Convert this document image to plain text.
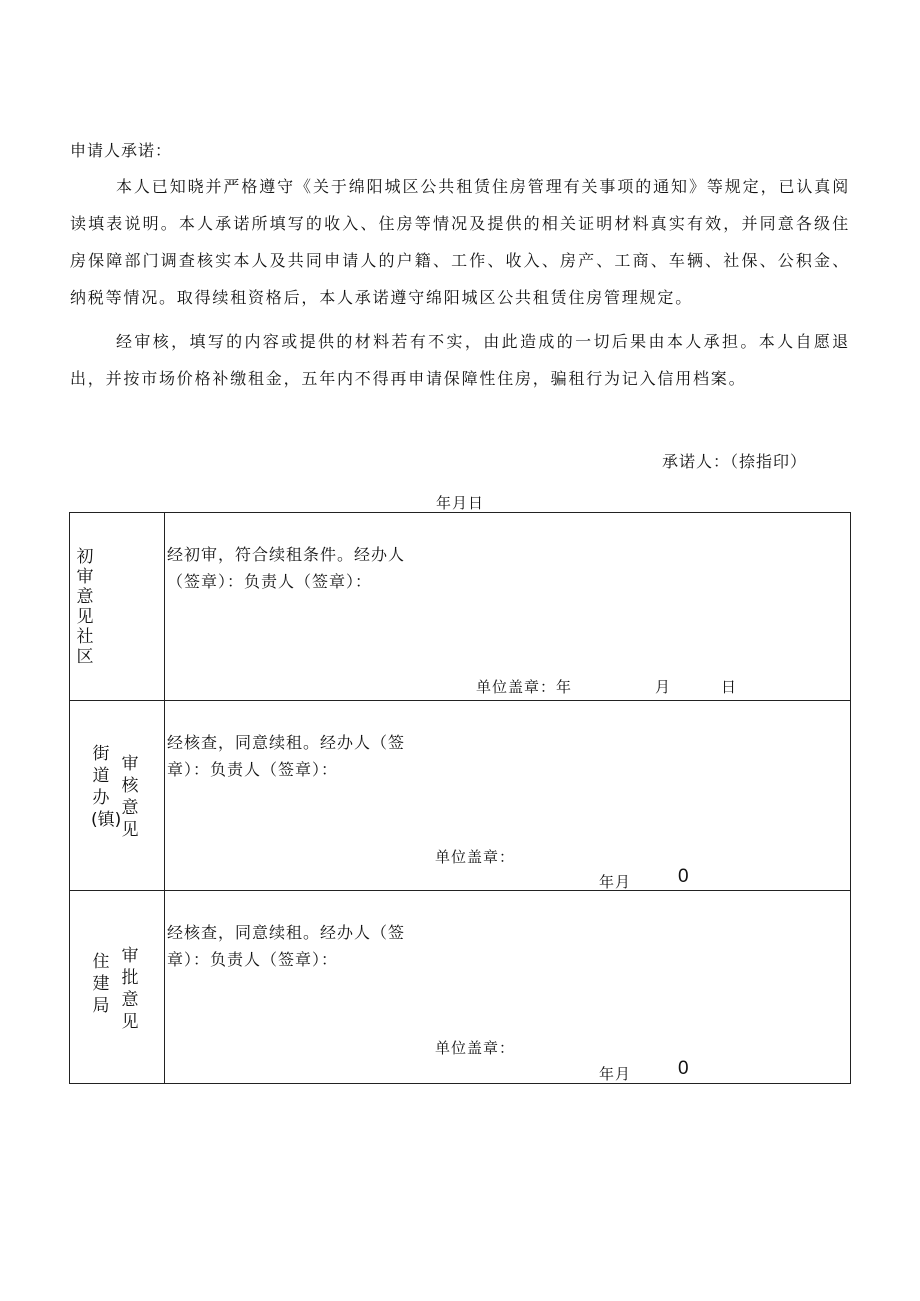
申请人承诺：

本人已知晓并严格遵守《关于绵阳城区公共租赁住房管理有关事项的通知》等规定，已认真阅读填表说明。本人承诺所填写的收入、住房等情况及提供的相关证明材料真实有效，并同意各级住房保障部门调查核实本人及共同申请人的户籍、工作、收入、房产、工商、车辆、社保、公积金、纳税等情况。取得续租资格后，本人承诺遵守绵阳城区公共租赁住房管理规定。

经审核，填写的内容或提供的材料若有不实，由此造成的一切后果由本人承担。本人自愿退出，并按市场价格补缴租金，五年内不得再申请保障性住房，骗租行为记入信用档案。

承诺人：（捺指印）
年月日
初审意见社区

经初审，符合续租条件。经办人（签章）：负责人（签章）：

单位盖章：年	月	日
街道办(镇)
审核意见

经核查，同意续租。经办人（签章）：负责人（签章）：

单位盖章：
年月 0
住建局
审批意见

经核查，同意续租。经办人（签章）：负责人（签章）：

单位盖章：
年月 0
